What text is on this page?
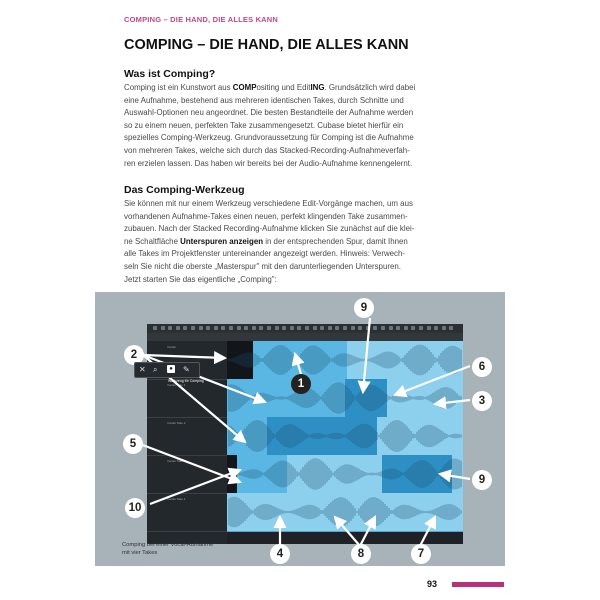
COMPING – DIE HAND, DIE ALLES KANN
COMPING – DIE HAND, DIE ALLES KANN
Was ist Comping?

Comping ist ein Kunstwort aus COMPositing und EditING. Grundsätzlich wird dabei
eine Aufnahme, bestehend aus mehreren identischen Takes, durch Schnitte und
Auswahl-Optionen neu angeordnet. Die besten Bestandteile der Aufnahme werden
so zu einem neuen, perfekten Take zusammengesetzt. Cubase bietet hierfür ein
spezielles Comping-Werkzeug. Grundvoraussetzung für Comping ist die Aufnahme
von mehreren Takes, welche sich durch das Stacked-Recording-Aufnahmeverfah-
ren erzielen lassen. Das haben wir bereits bei der Audio-Aufnahme kennengelernt.

Das Comping-Werkzeug

Sie können mit nur einem Werkzeug verschiedene Edit-Vorgänge machen, um aus
vorhandenen Aufnahme-Takes einen neuen, perfekt klingenden Take zusammen-
zubauen. Nach der Stacked Recording-Aufnahme klicken Sie zunächst auf die klei-
ne Schaltfläche Unterspuren anzeigen in der entsprechenden Spur, damit Ihnen
alle Takes im Projektfenster untereinander angezeigt werden. Hinweis: Verwech-
seln Sie nicht die oberste „Masterspur" mit den darunterliegenden Unterspuren.
Jetzt starten Sie das eigentliche „Comping":

Vocals
Vocals Take 1
Vocals Take 2
Vocals Take 3
Vocals Take 4
9
2
1
6
3
5
9
10
4	8	7
✕ ⌕	● ✎
Werkzeug für Comping
Comping bei einer Vocal-Aufnahme
mit vier Takes
93
